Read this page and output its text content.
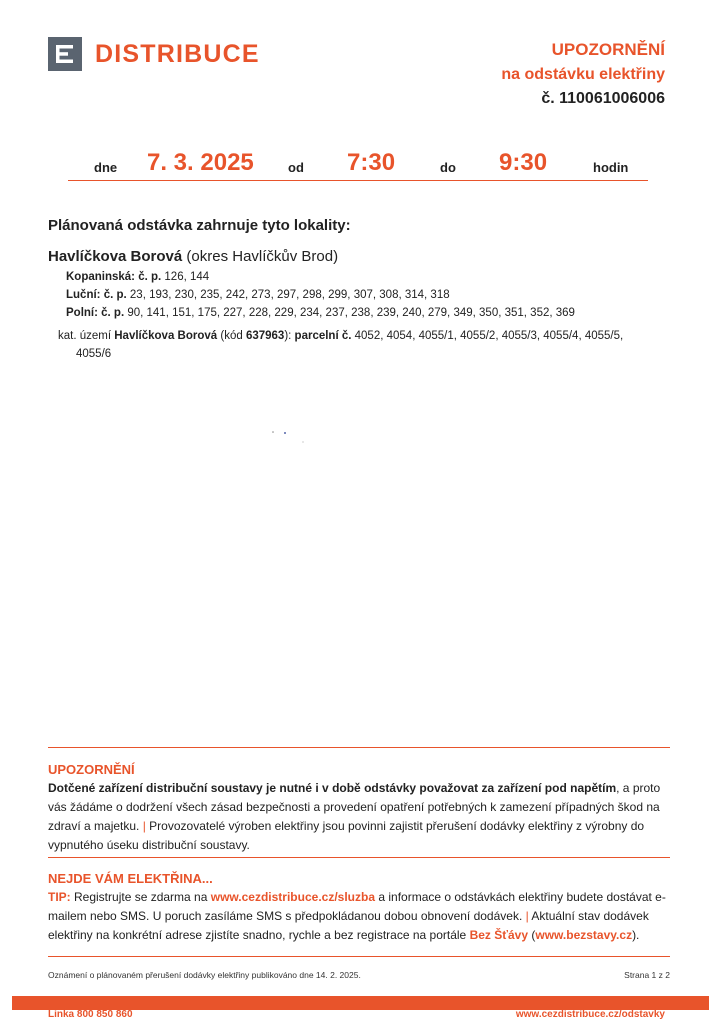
DISTRIBUCE	UPOZORNĚNÍ
na odstávku elektřiny
č. 110061006006
dne 7. 3. 2025	od 7:30	do 9:30	hodin
Plánovaná odstávka zahrnuje tyto lokality:
Havlíčkova Borová (okres Havlíčkův Brod)
Kopaninská: č. p. 126, 144
Luční: č. p. 23, 193, 230, 235, 242, 273, 297, 298, 299, 307, 308, 314, 318
Polní: č. p. 90, 141, 151, 175, 227, 228, 229, 234, 237, 238, 239, 240, 279, 349, 350, 351, 352, 369
kat. území Havlíčkova Borová (kód 637963): parcelní č. 4052, 4054, 4055/1, 4055/2, 4055/3, 4055/4, 4055/5,
4055/6
UPOZORNĚNÍ
Dotčené zařízení distribuční soustavy je nutné i v době odstávky považovat za zařízení pod napětím, a proto vás žádáme o dodržení všech zásad bezpečnosti a provedení opatření potřebných k zamezení případných škod na zdraví a majetku. | Provozovatelé výroben elektřiny jsou povinni zajistit přerušení dodávky elektřiny z výrobny do vypnutého úseku distribuční soustavy.
NEJDE VÁM ELEKTŘINA...
TIP: Registrujte se zdarma na www.cezdistribuce.cz/sluzba a informace o odstávkách elektřiny budete dostávat e-mailem nebo SMS. U poruch zasíláme SMS s předpokládanou dobou obnovení dodávek. | Aktuální stav dodávek elektřiny na konkrétní adrese zjistíte snadno, rychle a bez registrace na portále Bez Šťávy (www.bezstavy.cz).
Oznámení o plánovaném přerušení dodávky elektřiny publikováno dne 14. 2. 2025.	Strana 1 z 2
Linka 800 850 860	www.cezdistribuce.cz/odstavky
